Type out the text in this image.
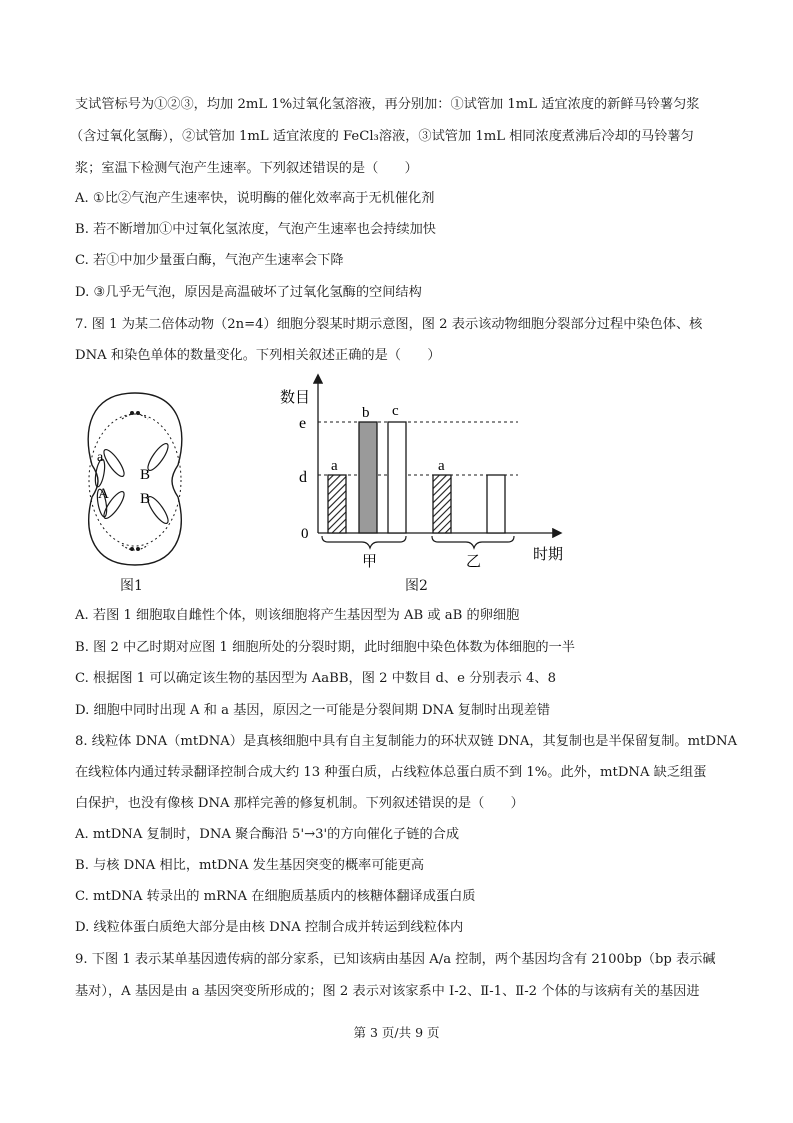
支试管标号为①②③，均加 2mL 1%过氧化氢溶液，再分别加：①试管加 1mL 适宜浓度的新鲜马铃薯匀浆
（含过氧化氢酶），②试管加 1mL 适宜浓度的 FeCl₃溶液，③试管加 1mL 相同浓度煮沸后冷却的马铃薯匀
浆；室温下检测气泡产生速率。下列叙述错误的是（　　）
A. ①比②气泡产生速率快，说明酶的催化效率高于无机催化剂
B. 若不断增加①中过氧化氢浓度，气泡产生速率也会持续加快
C. 若①中加少量蛋白酶，气泡产生速率会下降
D. ③几乎无气泡，原因是高温破坏了过氧化氢酶的空间结构
7. 图 1 为某二倍体动物（2n=4）细胞分裂某时期示意图，图 2 表示该动物细胞分裂部分过程中染色体、核
DNA 和染色单体的数量变化。下列相关叙述正确的是（　　）
a
A
B
B
图1
数目
时期
e
d
0
a
b c
a
甲	乙
图2
A. 若图 1 细胞取自雌性个体，则该细胞将产生基因型为 AB 或 aB 的卵细胞
B. 图 2 中乙时期对应图 1 细胞所处的分裂时期，此时细胞中染色体数为体细胞的一半
C. 根据图 1 可以确定该生物的基因型为 AaBB，图 2 中数目 d、e 分别表示 4、8
D. 细胞中同时出现 A 和 a 基因，原因之一可能是分裂间期 DNA 复制时出现差错
8. 线粒体 DNA（mtDNA）是真核细胞中具有自主复制能力的环状双链 DNA，其复制也是半保留复制。mtDNA
在线粒体内通过转录翻译控制合成大约 13 种蛋白质，占线粒体总蛋白质不到 1%。此外，mtDNA 缺乏组蛋
白保护，也没有像核 DNA 那样完善的修复机制。下列叙述错误的是（　　）
A. mtDNA 复制时，DNA 聚合酶沿 5'→3'的方向催化子链的合成
B. 与核 DNA 相比，mtDNA 发生基因突变的概率可能更高
C. mtDNA 转录出的 mRNA 在细胞质基质内的核糖体翻译成蛋白质
D. 线粒体蛋白质绝大部分是由核 DNA 控制合成并转运到线粒体内
9. 下图 1 表示某单基因遗传病的部分家系，已知该病由基因 A/a 控制，两个基因均含有 2100bp（bp 表示碱
基对），A 基因是由 a 基因突变所形成的；图 2 表示对该家系中 I-2、Ⅱ-1、Ⅱ-2 个体的与该病有关的基因进
第 3 页/共 9 页
